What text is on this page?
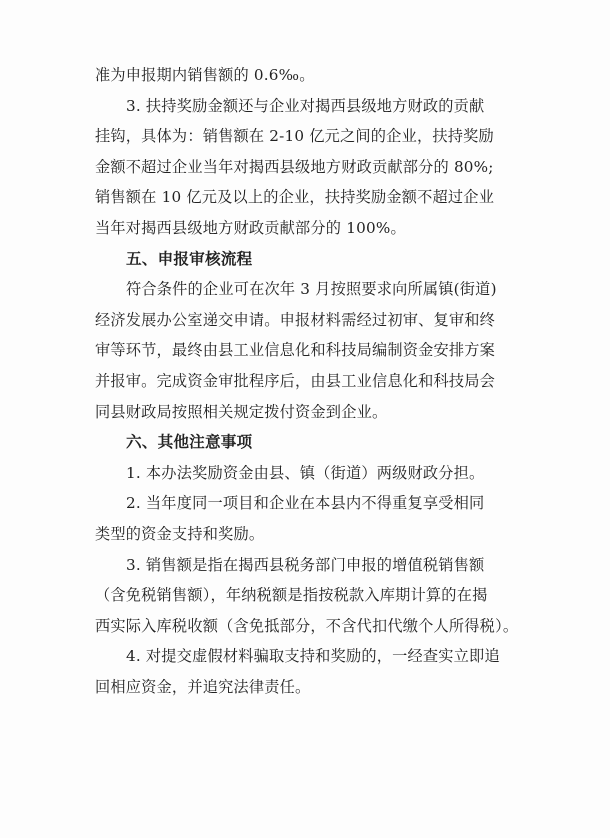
准为申报期内销售额的 0.6‰。
3. 扶持奖励金额还与企业对揭西县级地方财政的贡献
挂钩，具体为：销售额在 2-10 亿元之间的企业，扶持奖励
金额不超过企业当年对揭西县级地方财政贡献部分的 80%;
销售额在 10 亿元及以上的企业，扶持奖励金额不超过企业
当年对揭西县级地方财政贡献部分的 100%。
五、申报审核流程
符合条件的企业可在次年 3 月按照要求向所属镇(街道)
经济发展办公室递交申请。申报材料需经过初审、复审和终
审等环节，最终由县工业信息化和科技局编制资金安排方案
并报审。完成资金审批程序后，由县工业信息化和科技局会
同县财政局按照相关规定拨付资金到企业。
六、其他注意事项
1. 本办法奖励资金由县、镇（街道）两级财政分担。
2. 当年度同一项目和企业在本县内不得重复享受相同
类型的资金支持和奖励。
3. 销售额是指在揭西县税务部门申报的增值税销售额
（含免税销售额），年纳税额是指按税款入库期计算的在揭
西实际入库税收额（含免抵部分，不含代扣代缴个人所得税）。
4. 对提交虚假材料骗取支持和奖励的，一经查实立即追
回相应资金，并追究法律责任。
